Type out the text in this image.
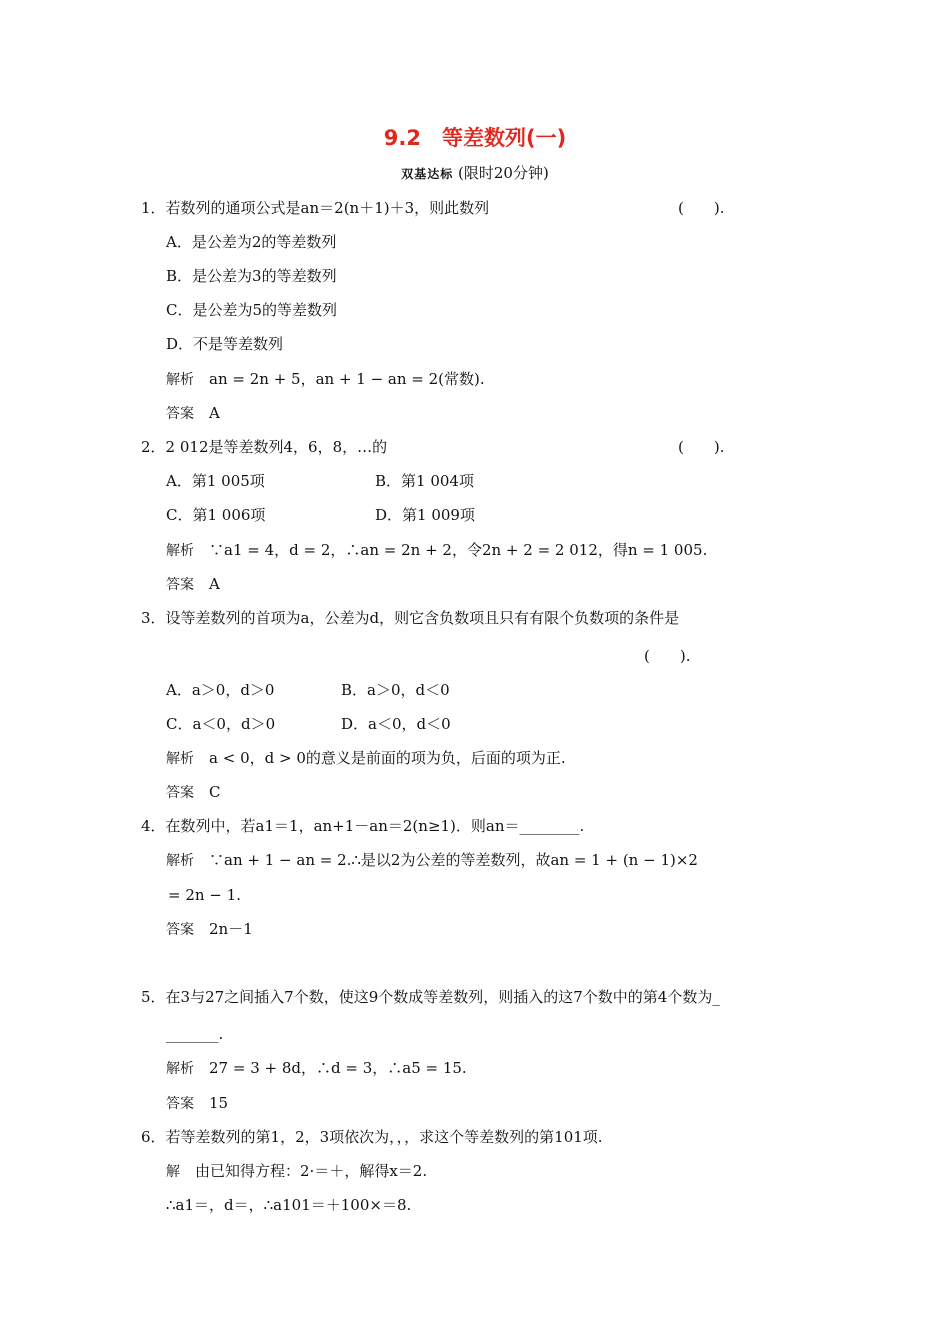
9.2　等差数列(一)
双基达标 (限时20分钟)
1．若数列的通项公式是an＝2(n＋1)＋3，则此数列	(　　).
A．是公差为2的等差数列
B．是公差为3的等差数列
C．是公差为5的等差数列
D．不是等差数列
解析　 an = 2n + 5，an + 1 − an = 2(常数).
答案　 A
2．2 012是等差数列4，6，8，…的	(　　).
A．第1 005项	B．第1 004项
C．第1 006项	D．第1 009项
解析　 ∵a1 = 4，d = 2，∴an = 2n + 2，令2n + 2 = 2 012，得n = 1 005.
答案　 A
3．设等差数列的首项为a，公差为d，则它含负数项且只有有限个负数项的条件是
(　　).
A．a＞0，d＞0	B．a＞0，d＜0
C．a＜0，d＞0	D．a＜0，d＜0
解析　 a < 0，d > 0的意义是前面的项为负，后面的项为正.
答案　 C
4．在数列中，若a1＝1，an+1－an＝2(n≥1)．则an＝________.
解析　 ∵an + 1 − an = 2.∴是以2为公差的等差数列，故an = 1 + (n − 1)×2
= 2n − 1.
答案　 2n－1
5．在3与27之间插入7个数，使这9个数成等差数列，则插入的这7个数中的第4个数为_
_______.
解析　 27 = 3 + 8d，∴d = 3，∴a5 = 15.
答案　 15
6．若等差数列的第1，2，3项依次为，，，求这个等差数列的第101项.
解　 由已知得方程：2·＝＋，解得x＝2.
∴a1＝，d＝，∴a101＝＋100×＝8.
